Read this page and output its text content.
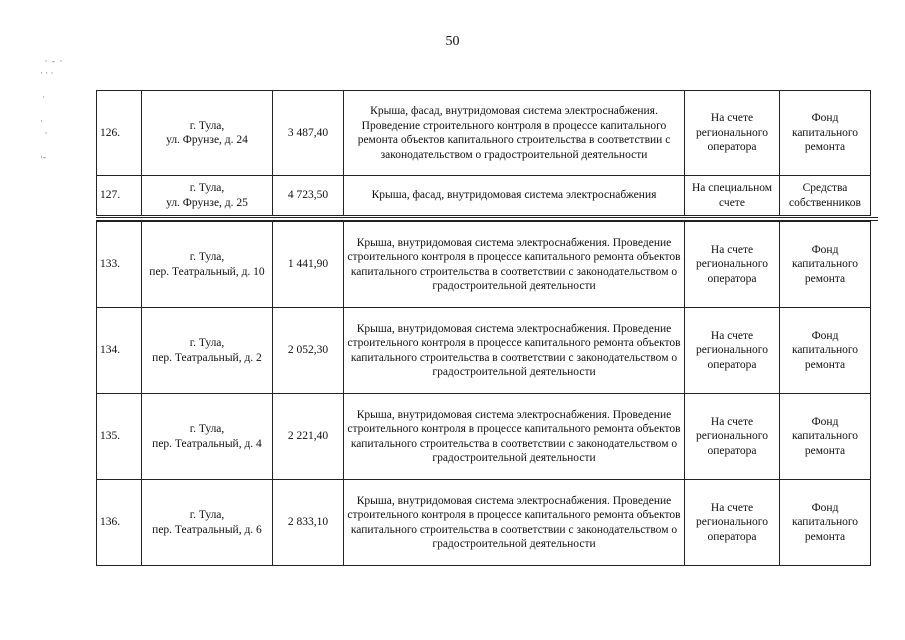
50
·  -  ·
· · ·

·

·
·

·-
126.	г. Тула,
ул. Фрунзе, д. 24	3 487,40	Крыша, фасад, внутридомовая система электроснабжения. Проведение строительного контроля в процессе капитального ремонта объектов капитального строительства в соответствии с законодательством о градостроительной деятельности	На счете регионального оператора	Фонд капитального ремонта
127.	г. Тула,
ул. Фрунзе, д. 25	4 723,50	Крыша, фасад, внутридомовая система электроснабжения	На специальном счете	Средства собственников
133.	г. Тула,
пер. Театральный, д. 10	1 441,90	Крыша, внутридомовая система электроснабжения. Проведение строительного контроля в процессе капитального ремонта объектов капитального строительства в соответствии с законодательством о градостроительной деятельности	На счете регионального оператора	Фонд капитального ремонта
134.	г. Тула,
пер. Театральный, д. 2	2 052,30	Крыша, внутридомовая система электроснабжения. Проведение строительного контроля в процессе капитального ремонта объектов капитального строительства в соответствии с законодательством о градостроительной деятельности	На счете регионального оператора	Фонд капитального ремонта
135.	г. Тула,
пер. Театральный, д. 4	2 221,40	Крыша, внутридомовая система электроснабжения. Проведение строительного контроля в процессе капитального ремонта объектов капитального строительства в соответствии с законодательством о градостроительной деятельности	На счете регионального оператора	Фонд капитального ремонта
136.	г. Тула,
пер. Театральный, д. 6	2 833,10	Крыша, внутридомовая система электроснабжения. Проведение строительного контроля в процессе капитального ремонта объектов капитального строительства в соответствии с законодательством о градостроительной деятельности	На счете регионального оператора	Фонд капитального ремонта
